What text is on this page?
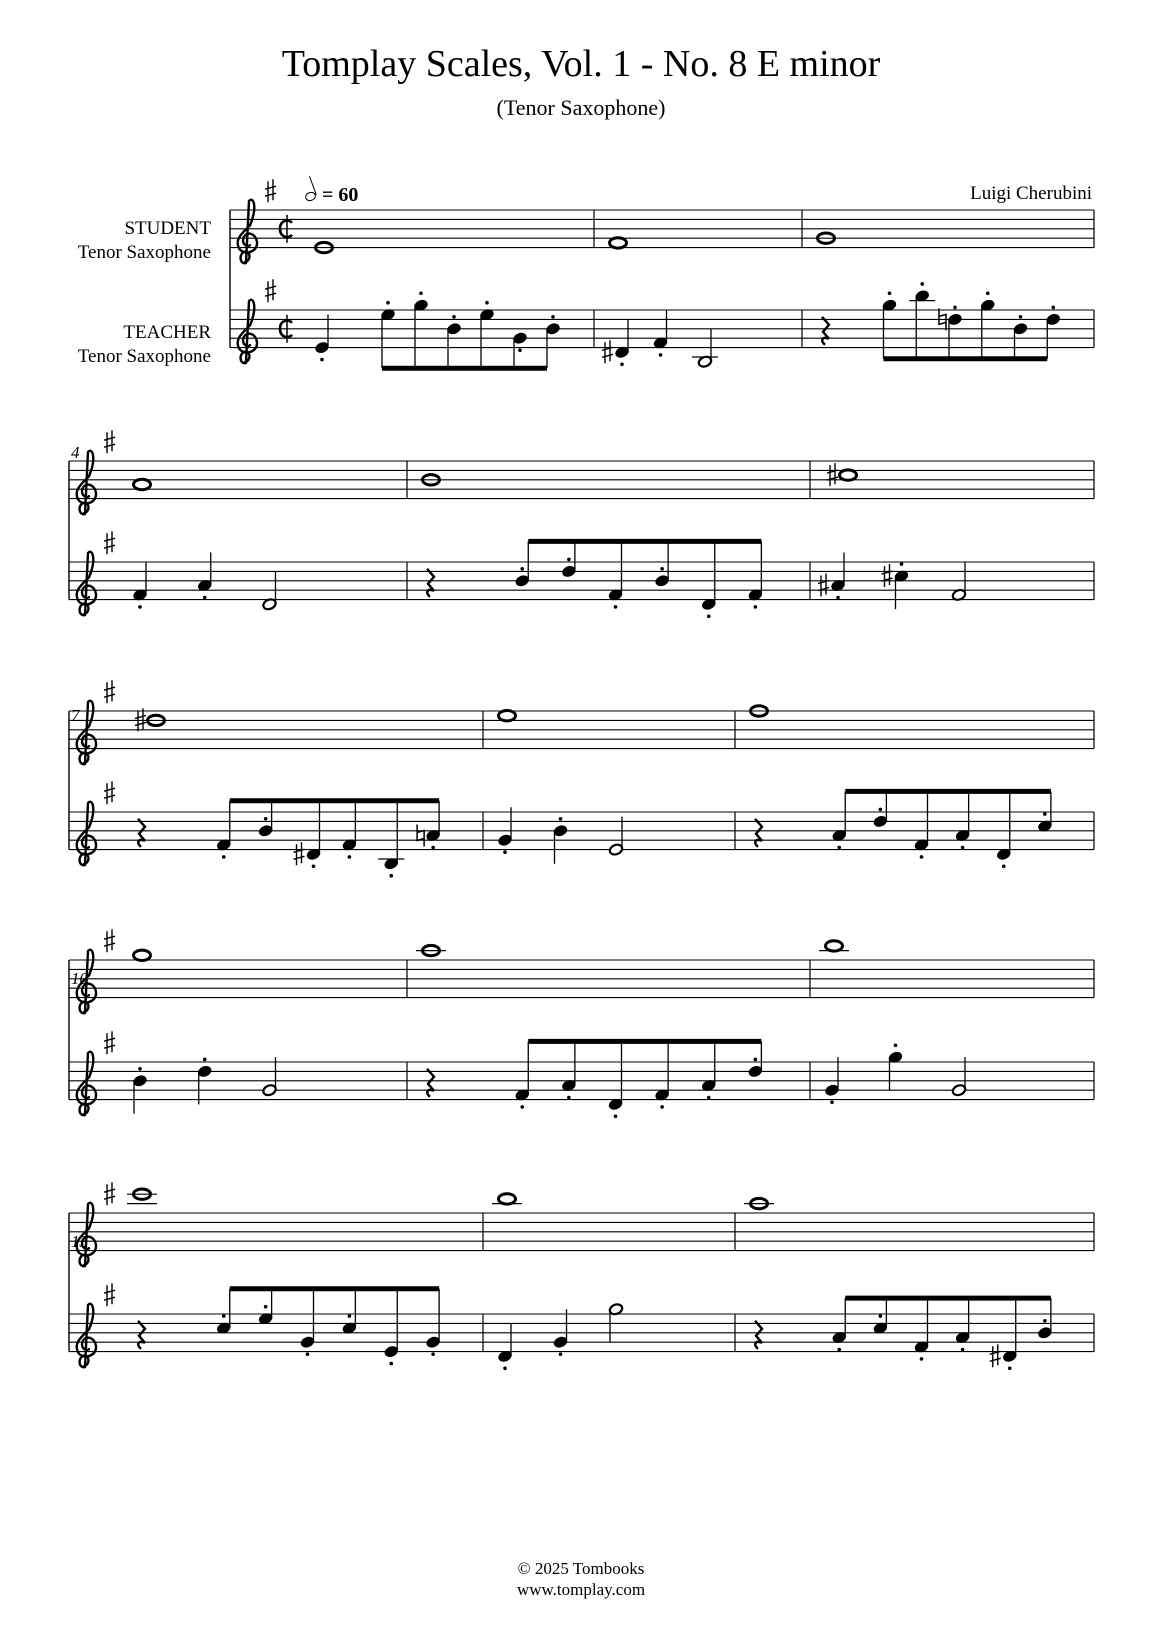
Tomplay Scales, Vol. 1 - No. 8 E minor
(Tenor Saxophone)
Luigi Cherubini
= 60
STUDENT
Tenor Saxophone
TEACHER
Tenor Saxophone
4
7
10
13
© 2025 Tombooks
www.tomplay.com
